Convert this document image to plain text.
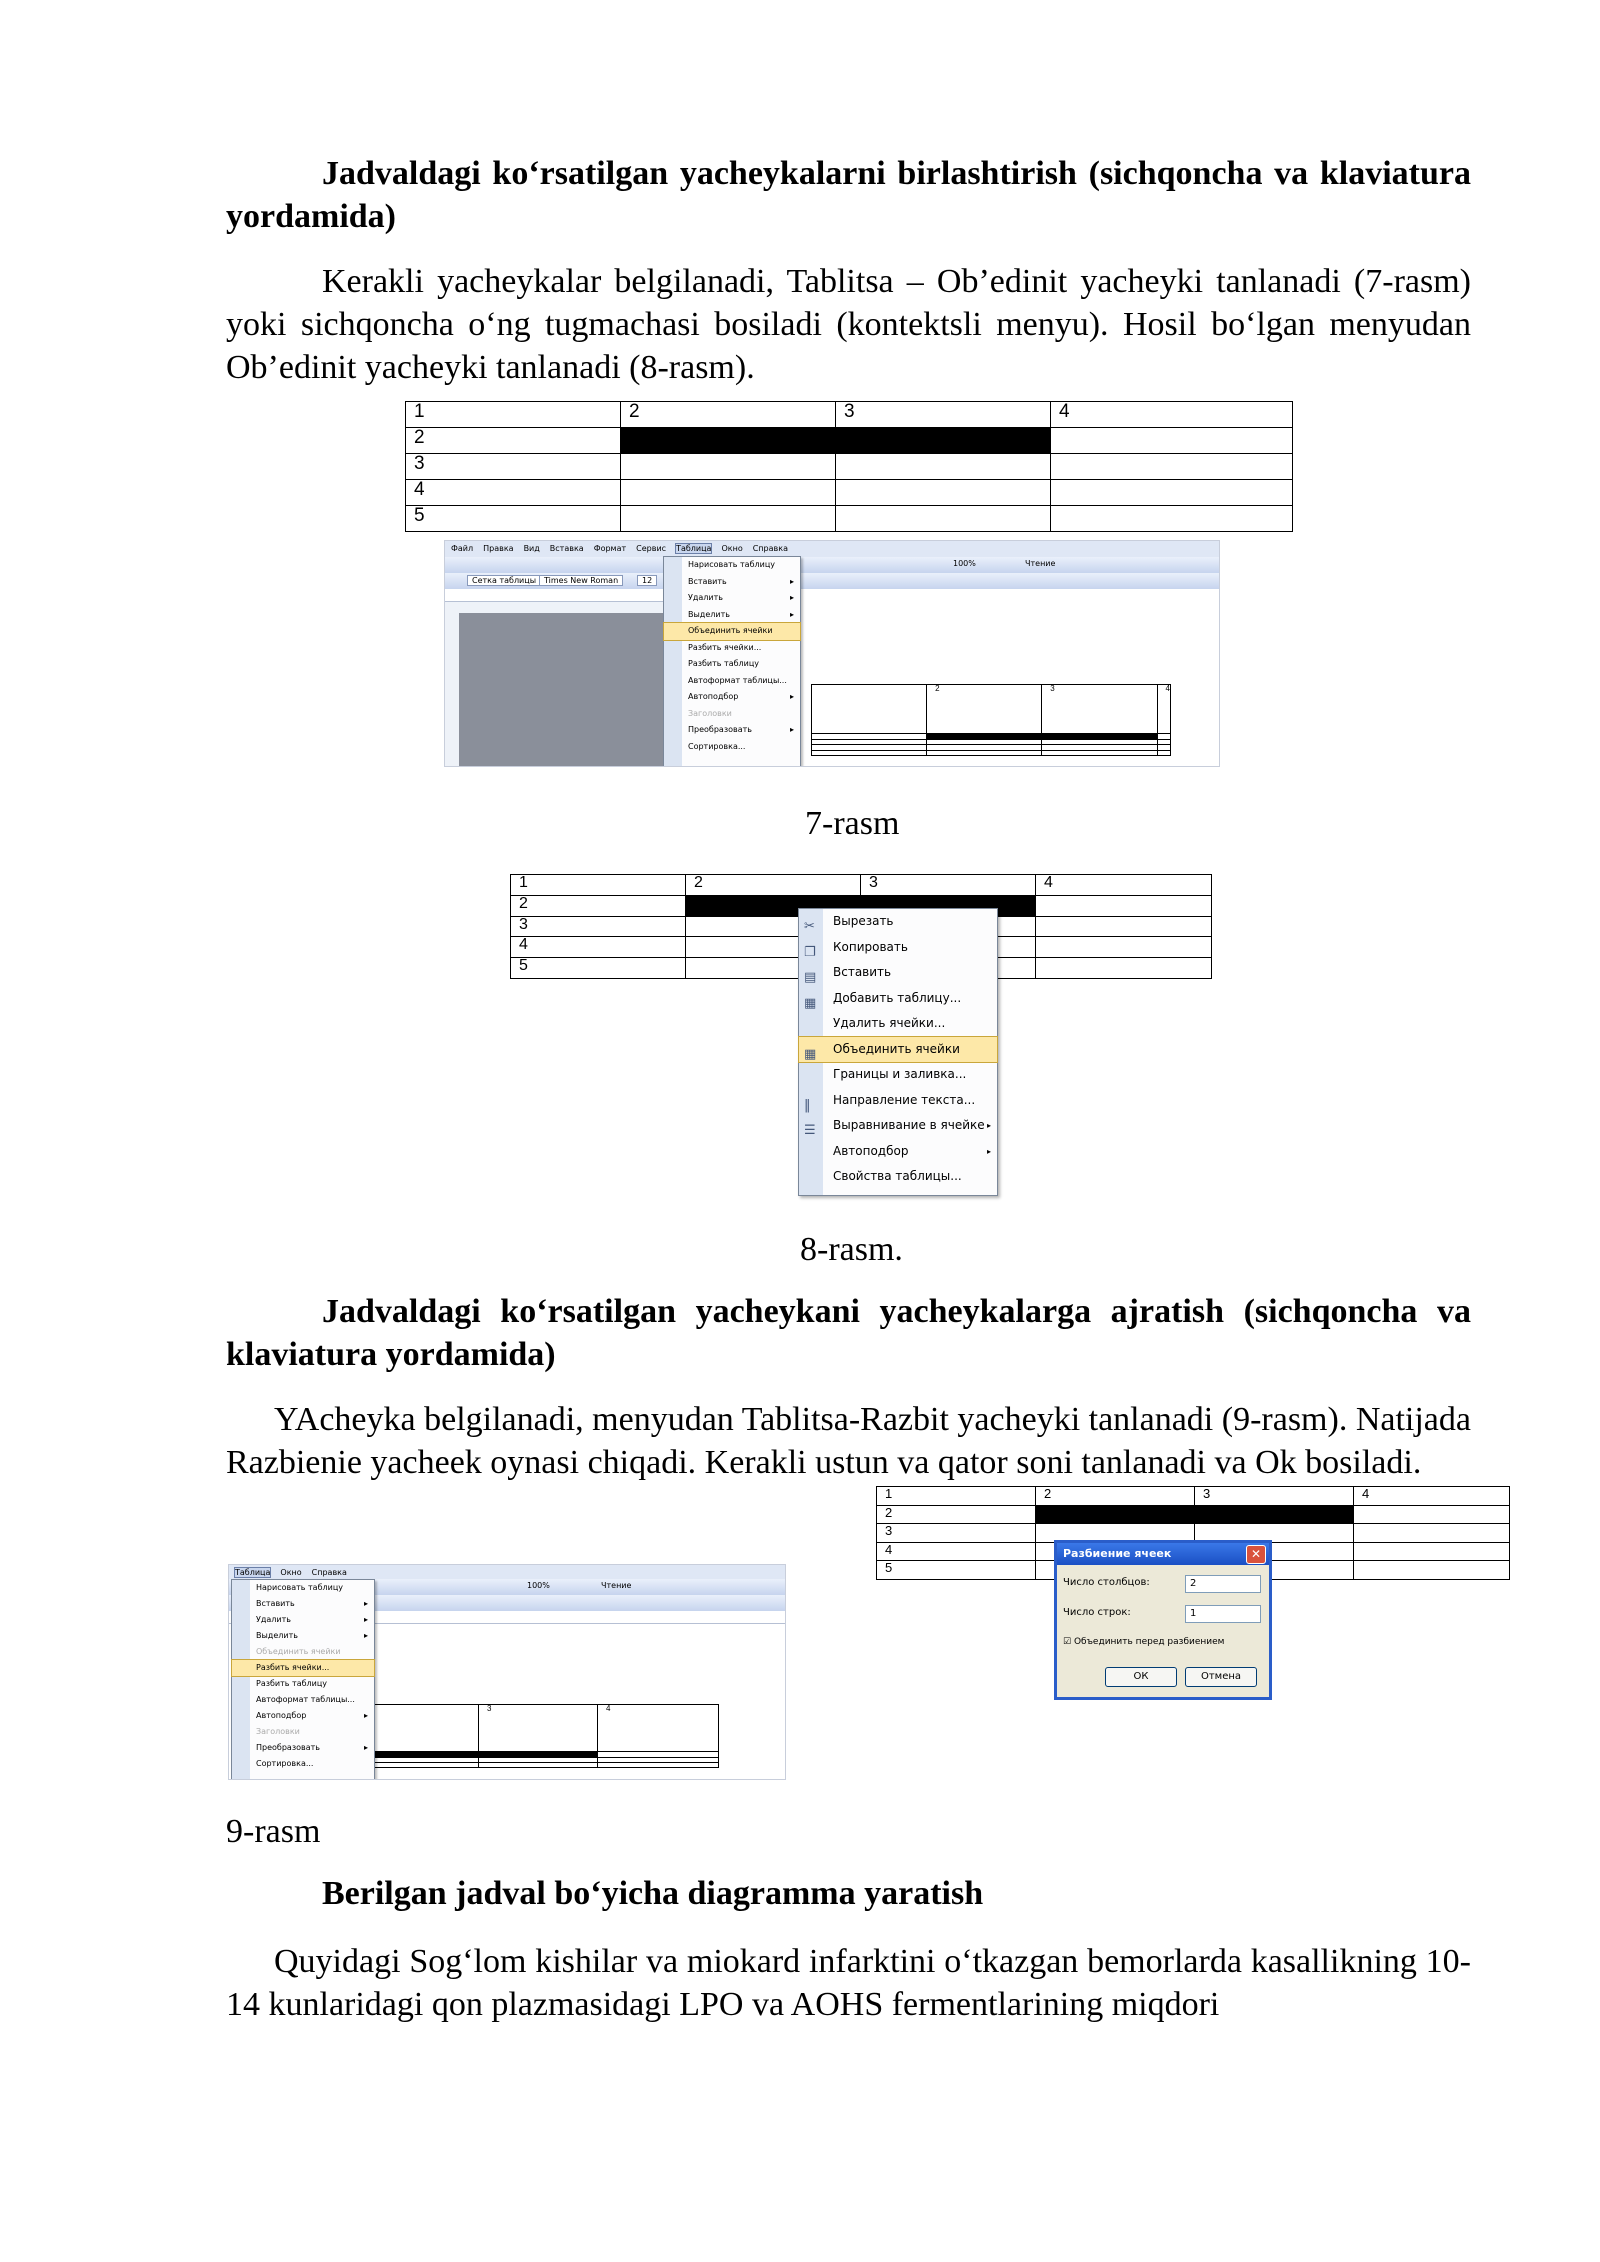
Jadvaldagi ko‘rsatilgan yacheykalarni birlashtirish (sichqoncha va klaviatura yordamida)
Kerakli yacheykalar belgilanadi, Tablitsa – Ob’edinit yacheyki tanlanadi (7-rasm) yoki sichqoncha o‘ng tugmachasi bosiladi (kontektsli menyu). Hosil bo‘lgan menyudan Ob’edinit yacheyki tanlanadi (8-rasm).
1	2	3	4
2			
3			
4			
5			
Файл Правка Вид Вставка Формат Сервис Таблица Окно Справка
100%	Чтение
Сетка таблицы Times New Roman	12
	2	3	4

Нарисовать таблицу
Вставить ▸
Удалить ▸
Выделить ▸
Объединить ячейки
Разбить ячейки...
Разбить таблицу
Автоформат таблицы...
Автоподбор ▸
Заголовки
Преобразовать ▸
Сортировка...
7-rasm
1	2	3	4
2			
3			
4			
5			
✂ Вырезать
❐ Копировать
▤ Вставить
▦ Добавить таблицу...
Удалить ячейки...
▦ Объединить ячейки
Границы и заливка...
‖ Направление текста...
☰ Выравнивание в ячейке ▸
Автоподбор ▸
Свойства таблицы...
8-rasm.
Jadvaldagi ko‘rsatilgan yacheykani yacheykalarga ajratish (sichqoncha va klaviatura yordamida)
YAcheyka belgilanadi, menyudan Tablitsa-Razbit yacheyki tanlanadi (9-rasm). Natijada Razbienie yacheek oynasi chiqadi. Kerakli ustun va qator soni tanlanadi va Ok bosiladi.
Таблица Окно Справка
100%	Чтение
	3	4

Нарисовать таблицу
Вставить ▸
Удалить ▸
Выделить ▸
Объединить ячейки
Разбить ячейки...
Разбить таблицу
Автоформат таблицы...
Автоподбор ▸
Заголовки
Преобразовать ▸
Сортировка...
1	2	3	4
2			
3			
4			
5			
Разбиение ячеек	✕
Число столбцов:	2
Число строк:	1
☑ Объединить перед разбиением
ОК	Отмена
9-rasm
Berilgan jadval bo‘yicha diagramma yaratish
Quyidagi Sog‘lom kishilar va miokard infarktini o‘tkazgan bemorlarda kasallikning 10-14 kunlaridagi qon plazmasidagi LPO va AOHS fermentlarining miqdori
